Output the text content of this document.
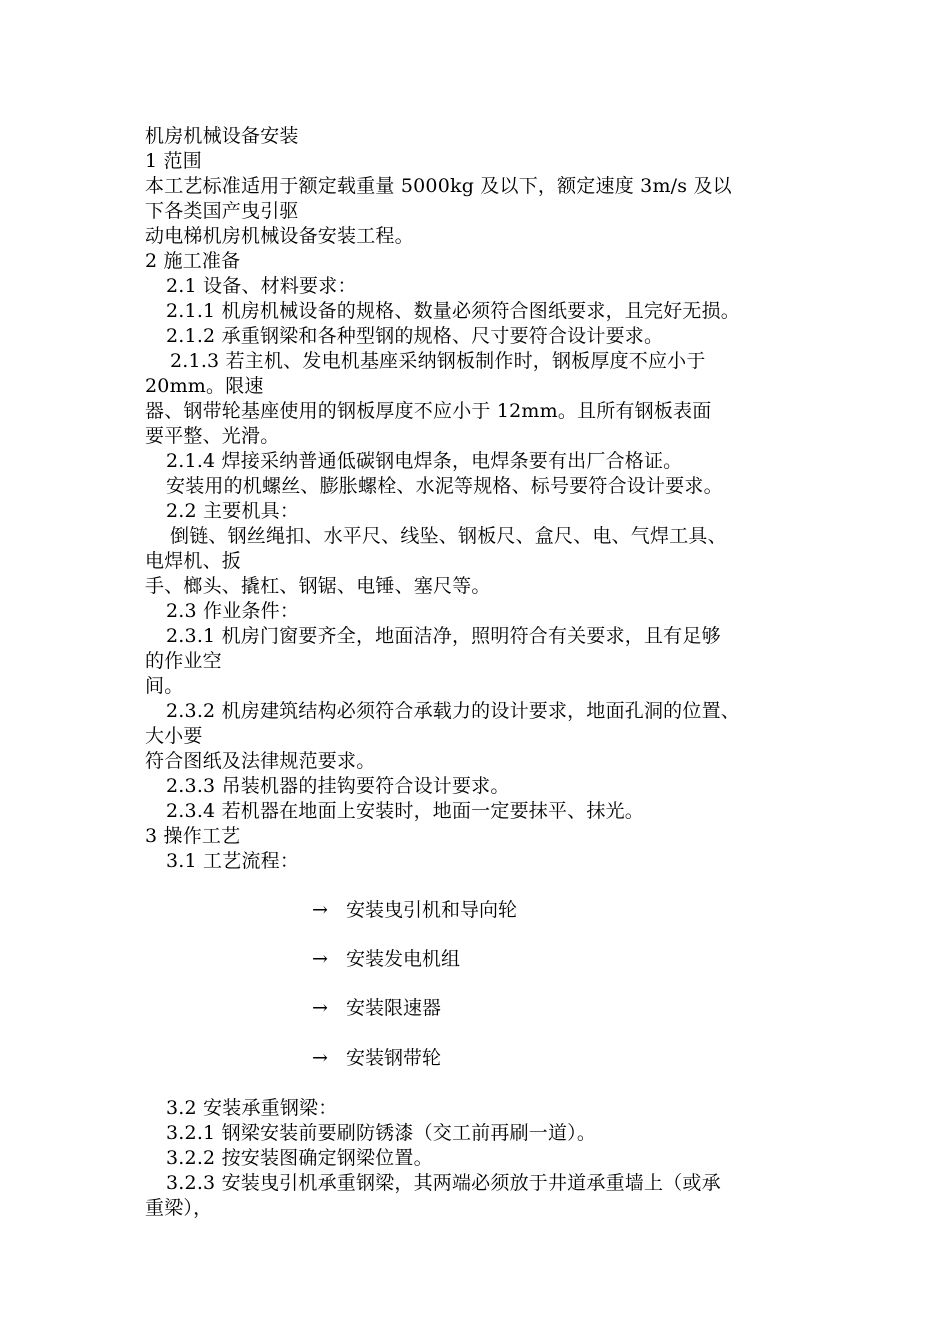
机房机械设备安装
1 范围
本工艺标准适用于额定载重量 5000kg 及以下，额定速度 3m/s 及以
下各类国产曳引驱
动电梯机房机械设备安装工程。
2 施工准备
2.1 设备、材料要求：
2.1.1 机房机械设备的规格、数量必须符合图纸要求，且完好无损。
2.1.2 承重钢梁和各种型钢的规格、尺寸要符合设计要求。
2.1.3 若主机、发电机基座采纳钢板制作时，钢板厚度不应小于
20mm。限速
器、钢带轮基座使用的钢板厚度不应小于 12mm。且所有钢板表面
要平整、光滑。
2.1.4 焊接采纳普通低碳钢电焊条，电焊条要有出厂合格证。
安装用的机螺丝、膨胀螺栓、水泥等规格、标号要符合设计要求。
2.2 主要机具：
倒链、钢丝绳扣、水平尺、线坠、钢板尺、盒尺、电、气焊工具、
电焊机、扳
手、榔头、撬杠、钢锯、电锤、塞尺等。
2.3 作业条件：
2.3.1 机房门窗要齐全，地面洁净，照明符合有关要求，且有足够
的作业空
间。
2.3.2 机房建筑结构必须符合承载力的设计要求，地面孔洞的位置、
大小要
符合图纸及法律规范要求。
2.3.3 吊装机器的挂钩要符合设计要求。
2.3.4 若机器在地面上安装时，地面一定要抹平、抹光。
3 操作工艺
3.1 工艺流程：
→ 安装曳引机和导向轮
→ 安装发电机组
→ 安装限速器
→ 安装钢带轮
3.2 安装承重钢梁：
3.2.1 钢梁安装前要刷防锈漆（交工前再刷一道）。
3.2.2 按安装图确定钢梁位置。
3.2.3 安装曳引机承重钢梁，其两端必须放于井道承重墙上（或承
重梁），
